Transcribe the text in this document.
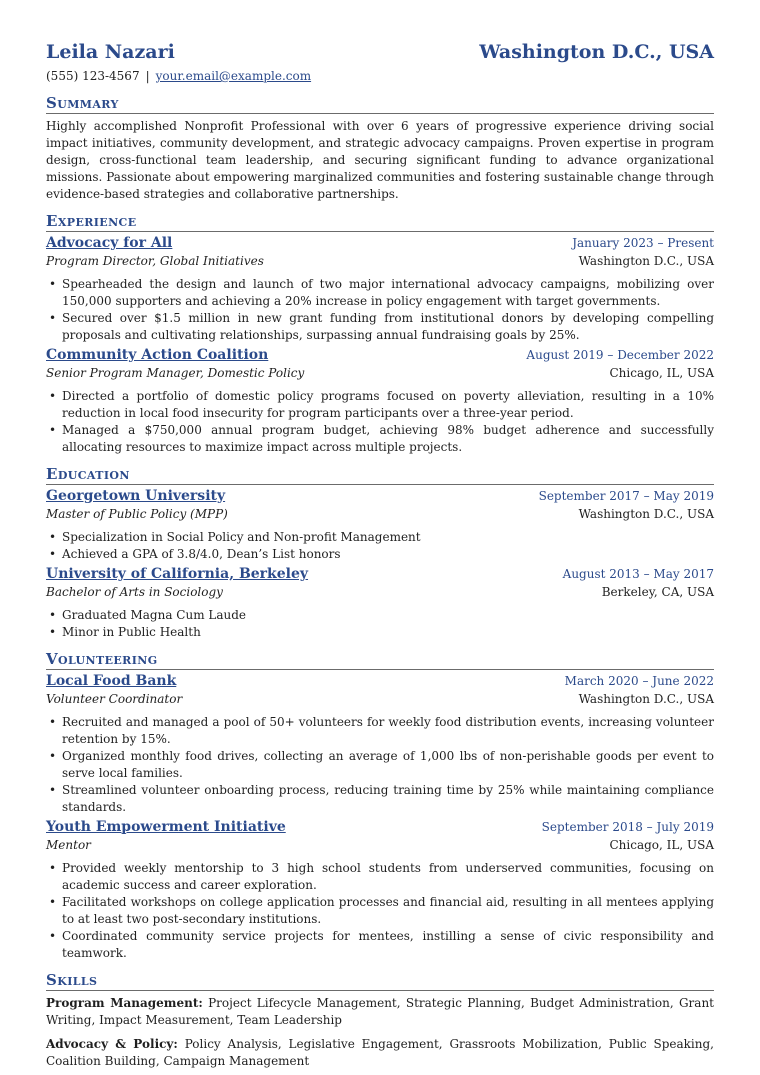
Leila Nazari	Washington D.C., USA
(555) 123-4567 | your.email@example.com
Summary

Highly accomplished Nonprofit Professional with over 6 years of progressive experience driving social impact initiatives, community development, and strategic advocacy campaigns. Proven expertise in program design, cross-functional team leadership, and securing significant funding to advance organizational missions. Passionate about empowering marginalized communities and fostering sustainable change through evidence-based strategies and collaborative partnerships.

Experience
Advocacy for All	January 2023 – Present
Program Director, Global Initiatives	Washington D.C., USA
• Spearheaded the design and launch of two major international advocacy campaigns, mobilizing over 150,000 supporters and achieving a 20% increase in policy engagement with target governments.
• Secured over $1.5 million in new grant funding from institutional donors by developing compelling proposals and cultivating relationships, surpassing annual fundraising goals by 25%.
Community Action Coalition	August 2019 – December 2022
Senior Program Manager, Domestic Policy	Chicago, IL, USA
• Directed a portfolio of domestic policy programs focused on poverty alleviation, resulting in a 10% reduction in local food insecurity for program participants over a three-year period.
• Managed a $750,000 annual program budget, achieving 98% budget adherence and successfully allocating resources to maximize impact across multiple projects.
Education
Georgetown University	September 2017 – May 2019
Master of Public Policy (MPP)	Washington D.C., USA
• Specialization in Social Policy and Non-profit Management
• Achieved a GPA of 3.8/4.0, Dean’s List honors
University of California, Berkeley	August 2013 – May 2017
Bachelor of Arts in Sociology	Berkeley, CA, USA
• Graduated Magna Cum Laude
• Minor in Public Health
Volunteering
Local Food Bank	March 2020 – June 2022
Volunteer Coordinator	Washington D.C., USA
• Recruited and managed a pool of 50+ volunteers for weekly food distribution events, increasing volunteer retention by 15%.
• Organized monthly food drives, collecting an average of 1,000 lbs of non-perishable goods per event to serve local families.
• Streamlined volunteer onboarding process, reducing training time by 25% while maintaining compliance standards.
Youth Empowerment Initiative	September 2018 – July 2019
Mentor	Chicago, IL, USA
• Provided weekly mentorship to 3 high school students from underserved communities, focusing on academic success and career exploration.
• Facilitated workshops on college application processes and financial aid, resulting in all mentees applying to at least two post-secondary institutions.
• Coordinated community service projects for mentees, instilling a sense of civic responsibility and teamwork.
Skills

Program Management: Project Lifecycle Management, Strategic Planning, Budget Administration, Grant Writing, Impact Measurement, Team Leadership

Advocacy & Policy: Policy Analysis, Legislative Engagement, Grassroots Mobilization, Public Speaking, Coalition Building, Campaign Management
